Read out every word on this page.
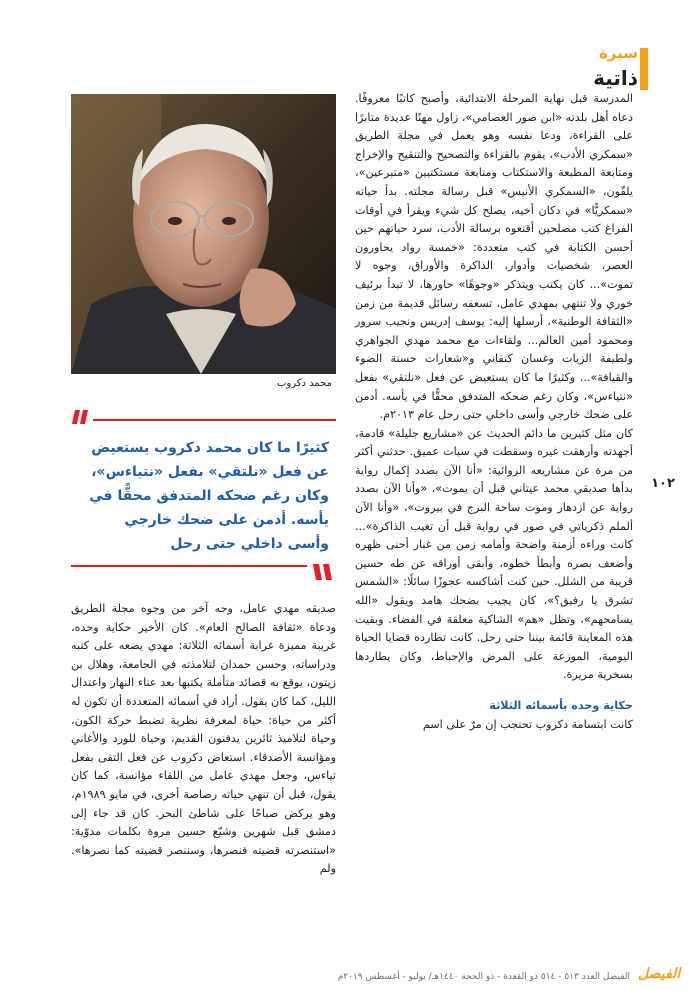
سيرة
ذاتية
محمد دكروب
كثيرًا ما كان محمد دكروب يستعيض عن فعل «نلتقي» بفعل «نتياءس»، وكان رغم ضحكه المتدفق محقًّا في يأسه. أدمن على ضحك خارجي وأسى داخلي حتى رحل

المدرسة قبل نهاية المرحلة الابتدائية، وأصبح كاتبًا معروفًا. دعاه أهل بلدته «ابن صور العصامي»، زاول مهنًا عديدة متابرًا على القراءة، ودعا نفسه وهو يعمل في مجلة الطريق «سمكري الأدب»، يقوم بالقراءة والتصحيح والتنقيح والإخراج ومتابعة المطبعة والاستكتاب ومتابعة مستكتبين «متبرعين»، يلقّون، «السمكري الأنيس» قبل رسالة مجلته. بدأ حياته «سمكريًّا» في دكان أخيه، يصلح كل شيء ويقرأ في أوقات الفراغ كتب مصلحين أقنعوه برسالة الأدب، سرد حياتهم حين أحسن الكتابة في كتب متعددة: «خمسة رواد يحاورون العصر، شخصيات وأدوار، الذاكرة والأوراق، وجوه لا تموت»... كان يكتب ويتذكر «وجوهًا» حاورها، لا تبدأ برئيف خوري ولا تنتهي بمهدي عامل، تسعفه رسائل قديمة من زمن «الثقافة الوطنية»، أرسلها إليه: يوسف إدريس ونجيب سرور ومحمود أمين العالم... ولقاءات مع محمد مهدي الجواهري ولطيفة الزيات وغسان كنفاني و«شعارات حسنة الضوء والقيافة»... وكثيرًا ما كان يستعيض عن فعل «نلتقي» بفعل «نتياءس»، وكان رغم ضحكه المتدفق محقًّا في يأسه. أدمن على ضحك خارجي وأسى داخلي حتى رحل عام ٢٠١٣م.

كان مثل كثيرين ما دائم الحديث عن «مشاريع جليلة» قادمة، أجهدته وأرهقت غيره وسقطت في سبات عميق. حدثني أكثر من مرة عن مشاريعه الروائية: «أنا الآن بصدد إكمال رواية بدأها صديقي محمد عيتاني قبل أن يموت»، «وأنا الآن بصدد رواية عن ازدهار وموت ساحة البرج في بيروت»، «وأنا الآن ألملم ذكرياتي في صور في رواية قبل أن تغيب الذاكرة»... كانت وراءه أزمنة واضحة وأمامه زمن من غبار أحنى ظهره وأضعف بصره وأبطأ خطوه، وأبقى أوراقه عن طه حسين قريبة من الشلل. حين كنت أشاكسه عجوزًا سائلًا: «الشمس تشرق يا رفيق؟»، كان يجيب بضحك هامد ويقول «الله يسامحهم»، وتظل «هم» الشاكية معلقة في الفضاء. وبقيت هذه المعاينة قائمة بيننا حتى رحل. كانت تطارده قضايا الحياة اليومية، الموزعة على المرض والإحباط، وكان يطاردها بسخرية مريرة.

حكاية وحده بأسمائه الثلاثة

كانت ابتسامة دكروب تحتجب إن مرّ على اسم

صديقه مهدي عامل، وجه آخر من وجوه مجلة الطريق ودعاة «ثقافة الصالح العام». كان الأخير حكاية وحده، غريبة مميزة غرابة أسمائه الثلاثة: مهدي يضعه على كتبه ودراساته، وحسن حمدان لتلامذته في الجامعة، وهلال بن زيتون، يوقع به قصائد متأملة يكتبها بعد عناء النهار واعتدال الليل، كما كان يقول. أراد في أسمائه المتعددة أن تكون له أكثر من حياة: حياة لمعرفة نظرية تضبط حركة الكون، وحياة لتلاميذ ثائرين يدفنون القديم، وحياة للورد والأغاني ومؤانسة الأصدقاء. استعاض دكروب عن فعل التقى بفعل تياءس، وجعل مهدي عامل من اللقاء مؤانسة، كما كان يقول، قبل أن تنهي حياته رصاصة أخرى، في مايو ١٩٨٩م، وهو يركض صباحًا على شاطئ البحر. كان قد جاء إلى دمشق قبل شهرين وشيّع حسين مروة بكلمات مدوّية: «استنصرته قضيته فنصرها، وسننصر قضيته كما نصرها». ولم

١٠٢
الفيصل العدد ٥١٣ - ٥١٤ ذو القعدة - ذو الحجة ١٤٤٠هـ/ يوليو - أغسطس ٢٠١٩م الفيصل
